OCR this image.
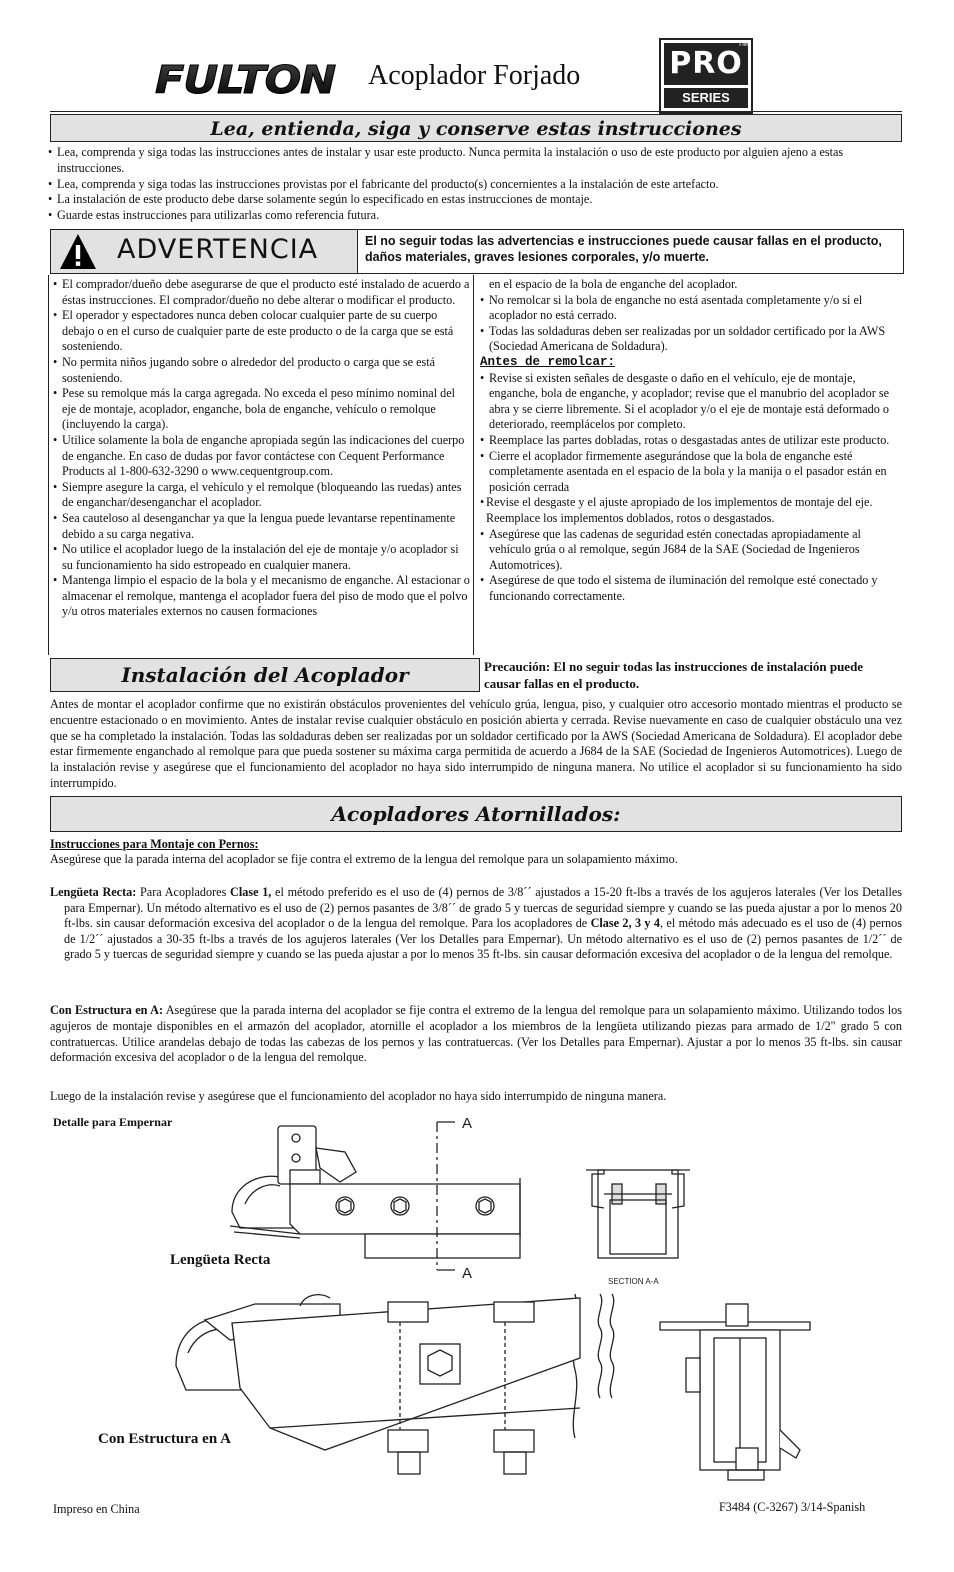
FULTON Acoplador Forjado	PRO
TM
SERIES
Lea, entienda, siga y conserve estas instrucciones
• Lea, comprenda y siga todas las instrucciones antes de instalar y usar este producto. Nunca permita la instalación o uso de este producto por alguien ajeno a estas instrucciones.
• Lea, comprenda y siga todas las instrucciones provistas por el fabricante del producto(s) concernientes a la instalación de este artefacto.
• La instalación de este producto debe darse solamente según lo especificado en estas instrucciones de montaje.
• Guarde estas instrucciones para utilizarlas como referencia futura.
ADVERTENCIA	El no seguir todas las advertencias e instrucciones puede causar fallas en el producto, daños materiales, graves lesiones corporales, y/o muerte.
• El comprador/dueño debe asegurarse de que el producto esté instalado de acuerdo a éstas instrucciones. El comprador/dueño no debe alterar o modificar el producto.
• El operador y espectadores nunca deben colocar cualquier parte de su cuerpo debajo o en el curso de cualquier parte de este producto o de la carga que se está sosteniendo.
• No permita niños jugando sobre o alrededor del producto o carga que se está sosteniendo.
• Pese su remolque más la carga agregada. No exceda el peso mínimo nominal del eje de montaje, acoplador, enganche, bola de enganche, vehículo o remolque (incluyendo la carga).
• Utilice solamente la bola de enganche apropiada según las indicaciones del cuerpo de enganche. En caso de dudas por favor contáctese con Cequent Performance Products al 1-800-632-3290 o www.cequentgroup.com.
• Siempre asegure la carga, el vehículo y el remolque (bloqueando las ruedas) antes de enganchar/desenganchar el acoplador.
• Sea cauteloso al desenganchar ya que la lengua puede levantarse repentinamente debido a su carga negativa.
• No utilice el acoplador luego de la instalación del eje de montaje y/o acoplador si su funcionamiento ha sido estropeado en cualquier manera.
• Mantenga limpio el espacio de la bola y el mecanismo de enganche. Al estacionar o almacenar el remolque, mantenga el acoplador fuera del piso de modo que el polvo y/u otros materiales externos no causen formaciones
en el espacio de la bola de enganche del acoplador.
• No remolcar si la bola de enganche no está asentada completamente y/o si el acoplador no está cerrado.
• Todas las soldaduras deben ser realizadas por un soldador certificado por la AWS (Sociedad Americana de Soldadura).
Antes de remolcar:
• Revise si existen señales de desgaste o daño en el vehículo, eje de montaje, enganche, bola de enganche, y acoplador; revise que el manubrio del acoplador se abra y se cierre libremente. Si el acoplador y/o el eje de montaje está deformado o deteriorado, reemplácelos por completo.
• Reemplace las partes dobladas, rotas o desgastadas antes de utilizar este producto.
• Cierre el acoplador firmemente asegurándose que la bola de enganche esté completamente asentada en el espacio de la bola y la manija o el pasador están en posición cerrada
• Revise el desgaste y el ajuste apropiado de los implementos de montaje del eje. Reemplace los implementos doblados, rotos o desgastados.
• Asegúrese que las cadenas de seguridad estén conectadas apropiadamente al vehículo grúa o al remolque, según J684 de la SAE (Sociedad de Ingenieros Automotrices).
• Asegúrese de que todo el sistema de iluminación del remolque esté conectado y funcionando correctamente.
Instalación del Acoplador	Precaución: El no seguir todas las instrucciones de instalación puede causar fallas en el producto.
Antes de montar el acoplador confirme que no existirán obstáculos provenientes del vehículo grúa, lengua, piso, y cualquier otro accesorio montado mientras el producto se encuentre estacionado o en movimiento. Antes de instalar revise cualquier obstáculo en posición abierta y cerrada. Revise nuevamente en caso de cualquier obstáculo una vez que se ha completado la instalación. Todas las soldaduras deben ser realizadas por un soldador certificado por la AWS (Sociedad Americana de Soldadura). El acoplador debe estar firmemente enganchado al remolque para que pueda sostener su máxima carga permitida de acuerdo a J684 de la SAE (Sociedad de Ingenieros Automotrices). Luego de la instalación revise y asegúrese que el funcionamiento del acoplador no haya sido interrumpido de ninguna manera. No utilice el acoplador si su funcionamiento ha sido interrumpido.
Acopladores Atornillados:
Instrucciones para Montaje con Pernos:
Asegúrese que la parada interna del acoplador se fije contra el extremo de la lengua del remolque para un solapamiento máximo.
Lengüeta Recta: Para Acopladores Clase 1, el método preferido es el uso de (4) pernos de 3/8´´ ajustados a 15-20 ft-lbs a través de los agujeros laterales (Ver los Detalles para Empernar). Un método alternativo es el uso de (2) pernos pasantes de 3/8´´ de grado 5 y tuercas de seguridad siempre y cuando se las pueda ajustar a por lo menos 20 ft-lbs. sin causar deformación excesiva del acoplador o de la lengua del remolque. Para los acopladores de Clase 2, 3 y 4, el método más adecuado es el uso de (4) pernos de 1/2´´ ajustados a 30-35 ft-lbs a través de los agujeros laterales (Ver los Detalles para Empernar). Un método alternativo es el uso de (2) pernos pasantes de 1/2´´ de grado 5 y tuercas de seguridad siempre y cuando se las pueda ajustar a por lo menos 35 ft-lbs. sin causar deformación excesiva del acoplador o de la lengua del remolque.
Con Estructura en A: Asegúrese que la parada interna del acoplador se fije contra el extremo de la lengua del remolque para un solapamiento máximo. Utilizando todos los agujeros de montaje disponibles en el armazón del acoplador, atornille el acoplador a los miembros de la lengüeta utilizando piezas para armado de 1/2" grado 5 con contratuercas. Utilice arandelas debajo de todas las cabezas de los pernos y las contratuercas. (Ver los Detalles para Empernar). Ajustar a por lo menos 35 ft-lbs. sin causar deformación excesiva del acoplador o de la lengua del remolque.
Luego de la instalación revise y asegúrese que el funcionamiento del acoplador no haya sido interrumpido de ninguna manera.
Detalle para Empernar	A
A	SECTION A-A
Lengüeta Recta
Con Estructura en A
Impreso en China	F3484 (C-3267) 3/14-Spanish
